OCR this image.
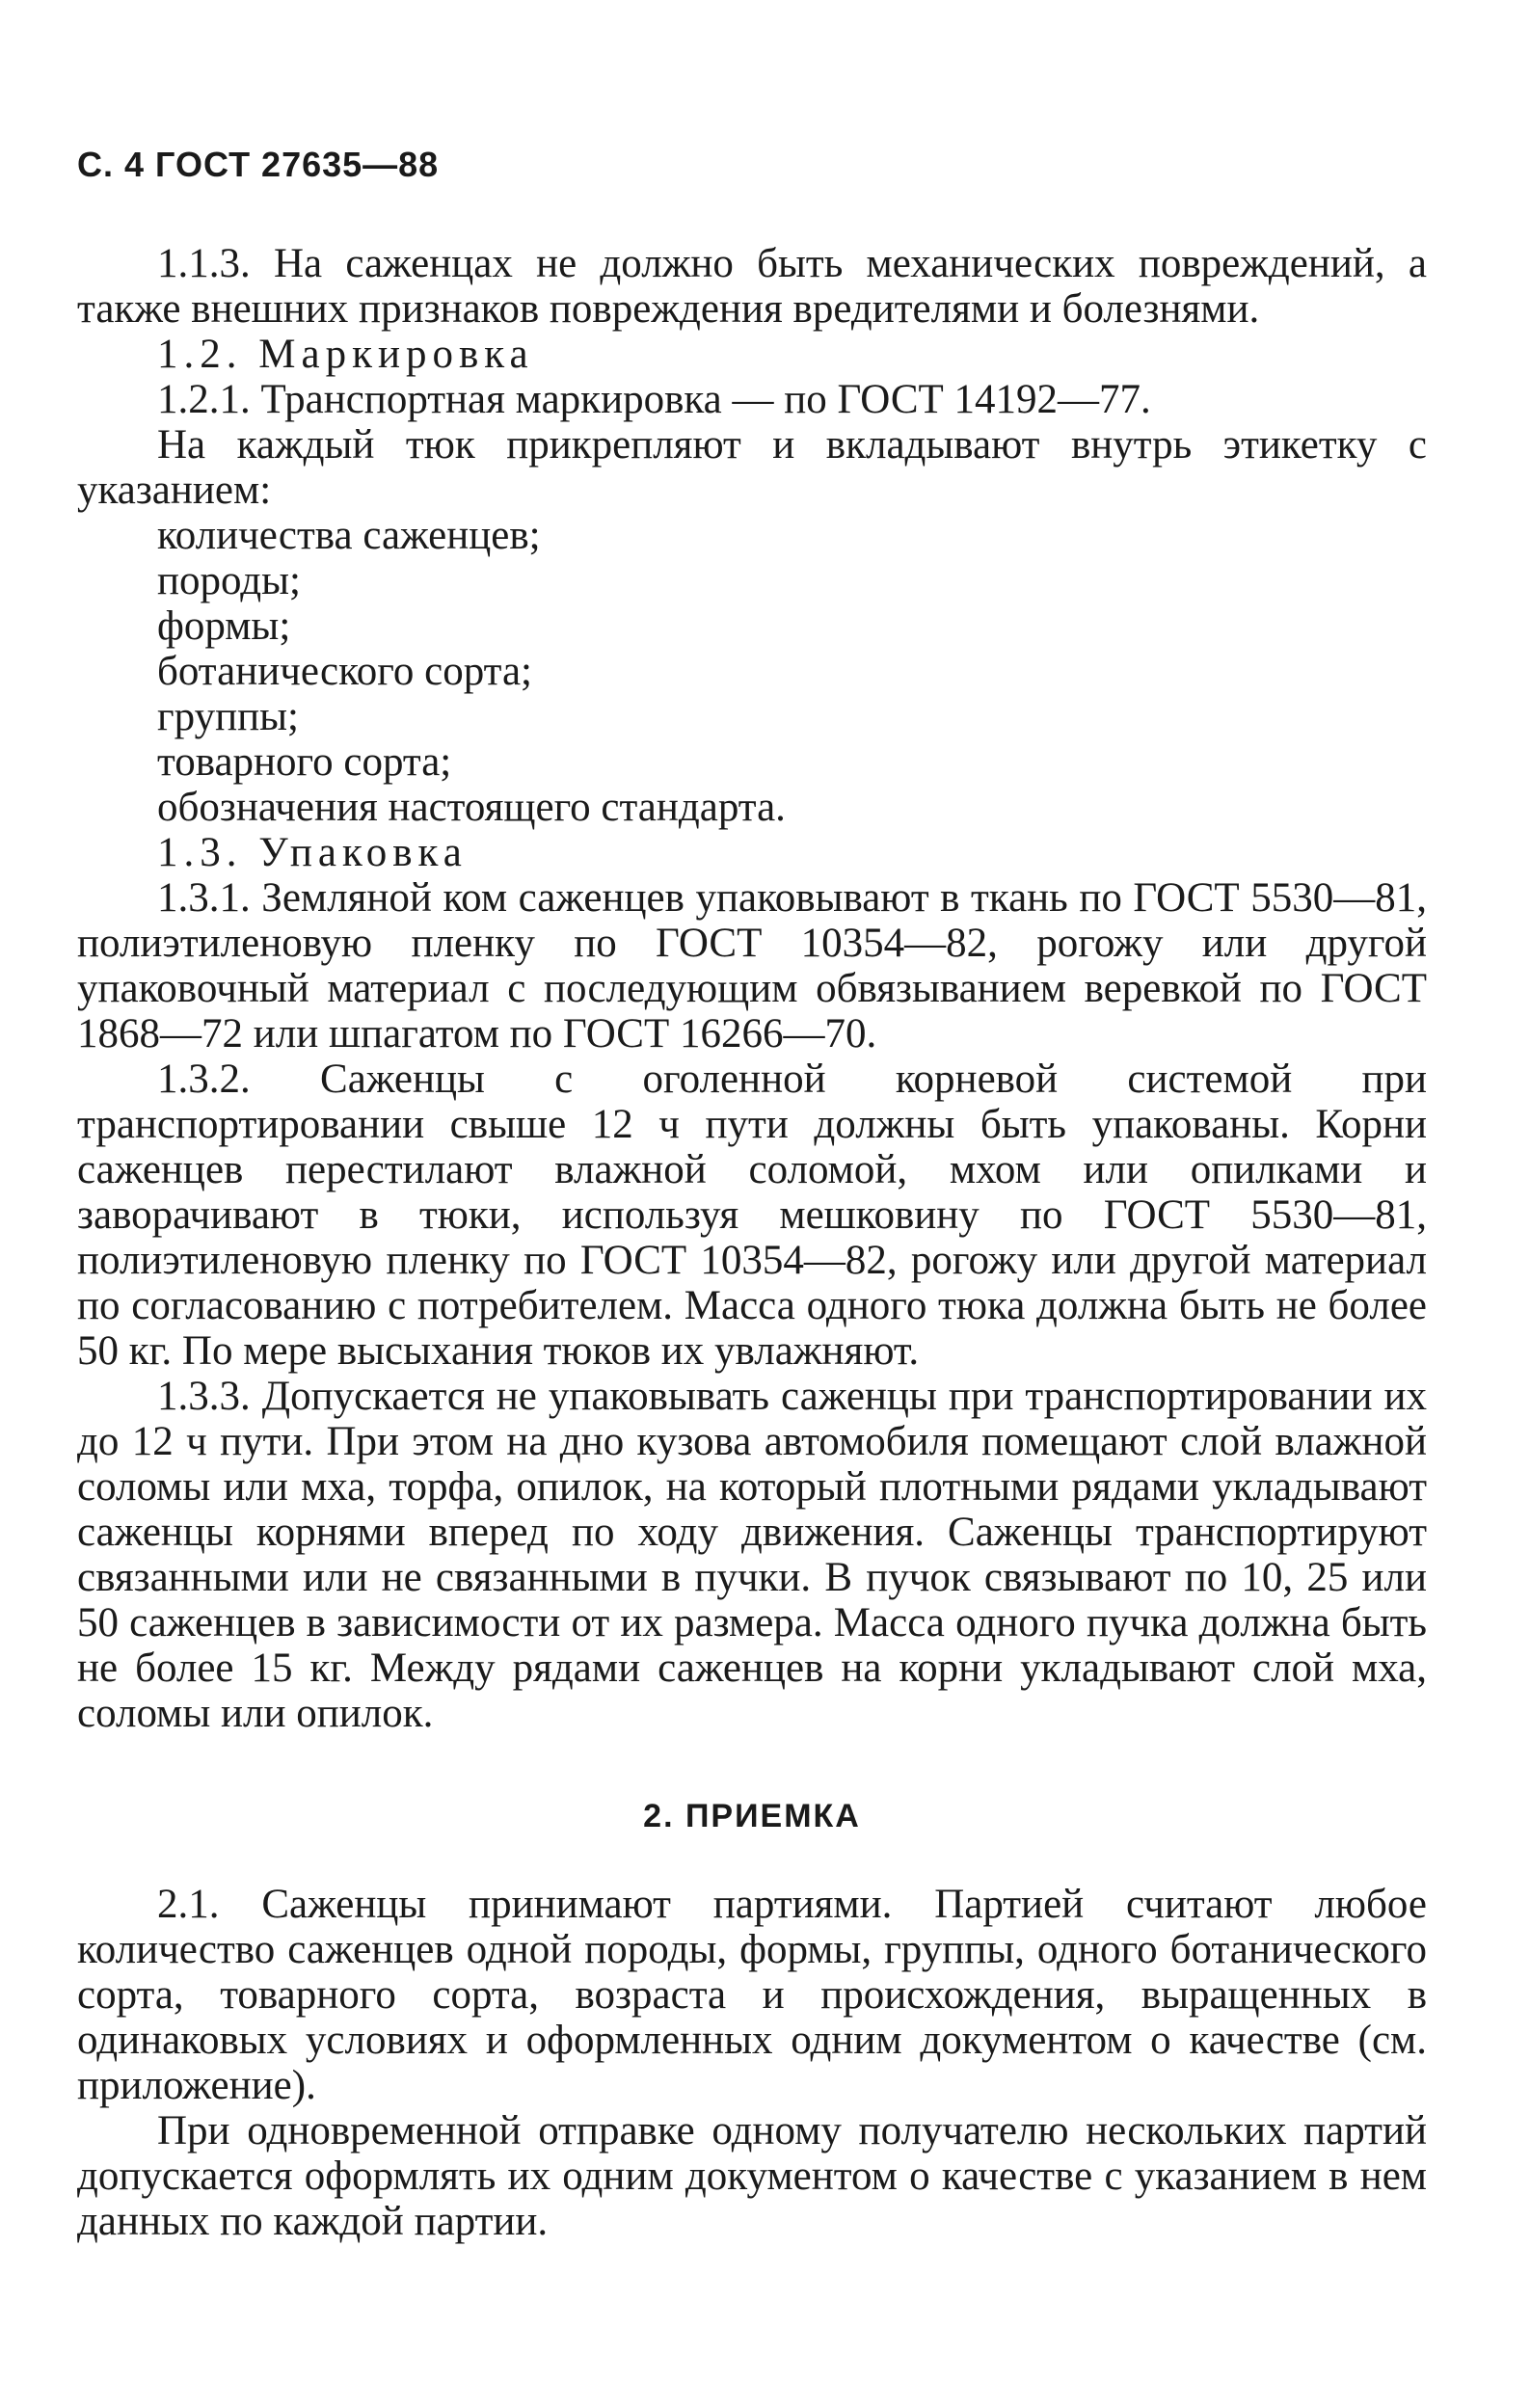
С. 4 ГОСТ 27635—88

1.1.3. На саженцах не должно быть механических повреждений, а также внешних признаков повреждения вредителями и болезнями.

1.2. Маркировка

1.2.1. Транспортная маркировка — по ГОСТ 14192—77.

На каждый тюк прикрепляют и вкладывают внутрь этикетку с указанием:

количества саженцев;

породы;

формы;

ботанического сорта;

группы;

товарного сорта;

обозначения настоящего стандарта.

1.3. Упаковка

1.3.1. Земляной ком саженцев упаковывают в ткань по ГОСТ 5530—81, полиэтиленовую пленку по ГОСТ 10354—82, рогожу или другой упаковочный материал с последующим обвязыванием веревкой по ГОСТ 1868—72 или шпагатом по ГОСТ 16266—70.

1.3.2. Саженцы с оголенной корневой системой при транспортировании свыше 12 ч пути должны быть упакованы. Корни саженцев перестилают влажной соломой, мхом или опилками и заворачивают в тюки, используя мешковину по ГОСТ 5530—81, полиэтиленовую пленку по ГОСТ 10354—82, рогожу или другой материал по согласованию с потребителем. Масса одного тюка должна быть не более 50 кг. По мере высыхания тюков их увлажняют.

1.3.3. Допускается не упаковывать саженцы при транспортировании их до 12 ч пути. При этом на дно кузова автомобиля помещают слой влажной соломы или мха, торфа, опилок, на который плотными рядами укладывают саженцы корнями вперед по ходу движения. Саженцы транспортируют связанными или не связанными в пучки. В пучок связывают по 10, 25 или 50 саженцев в зависимости от их размера. Масса одного пучка должна быть не более 15 кг. Между рядами саженцев на корни укладывают слой мха, соломы или опилок.

2. ПРИЕМКА

2.1. Саженцы принимают партиями. Партией считают любое количество саженцев одной породы, формы, группы, одного ботанического сорта, товарного сорта, возраста и происхождения, выращенных в одинаковых условиях и оформленных одним документом о качестве (см. приложение).

При одновременной отправке одному получателю нескольких партий допускается оформлять их одним документом о качестве с указанием в нем данных по каждой партии.
